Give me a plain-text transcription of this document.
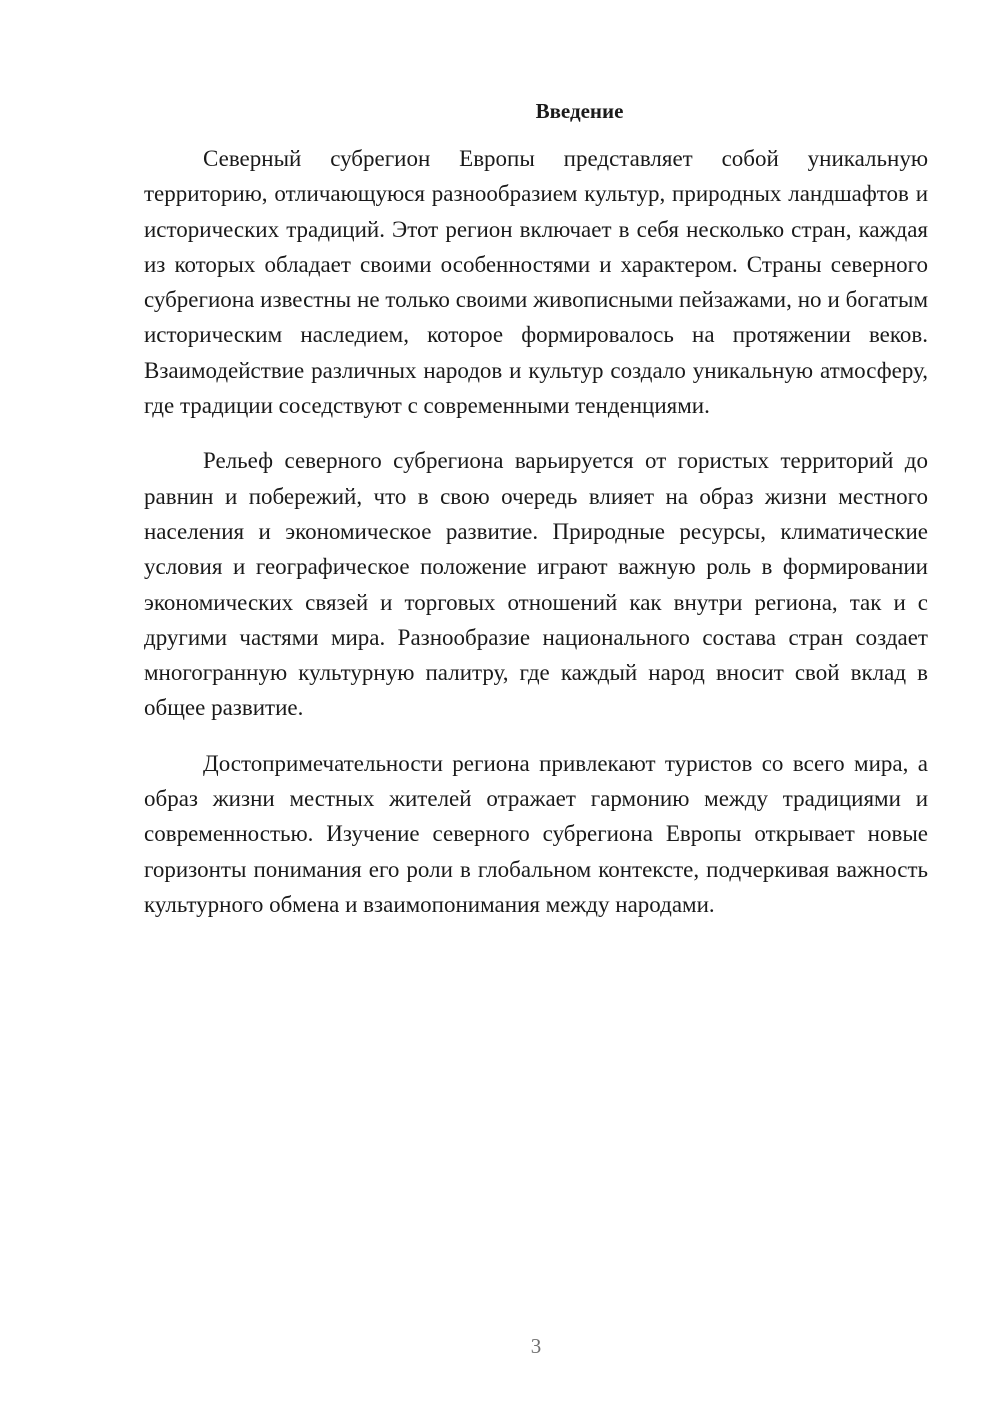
Введение

Северный субрегион Европы представляет собой уникальную территорию, отличающуюся разнообразием культур, природных ландшафтов и исторических традиций. Этот регион включает в себя несколько стран, каждая из которых обладает своими особенностями и характером. Страны северного субрегиона известны не только своими живописными пейзажами, но и богатым историческим наследием, которое формировалось на протяжении веков. Взаимодействие различных народов и культур создало уникальную атмосферу, где традиции соседствуют с современными тенденциями.

Рельеф северного субрегиона варьируется от гористых территорий до равнин и побережий, что в свою очередь влияет на образ жизни местного населения и экономическое развитие. Природные ресурсы, климатические условия и географическое положение играют важную роль в формировании экономических связей и торговых отношений как внутри региона, так и с другими частями мира. Разнообразие национального состава стран создает многогранную культурную палитру, где каждый народ вносит свой вклад в общее развитие.

Достопримечательности региона привлекают туристов со всего мира, а образ жизни местных жителей отражает гармонию между традициями и современностью. Изучение северного субрегиона Европы открывает новые горизонты понимания его роли в глобальном контексте, подчеркивая важность культурного обмена и взаимопонимания между народами.

3
